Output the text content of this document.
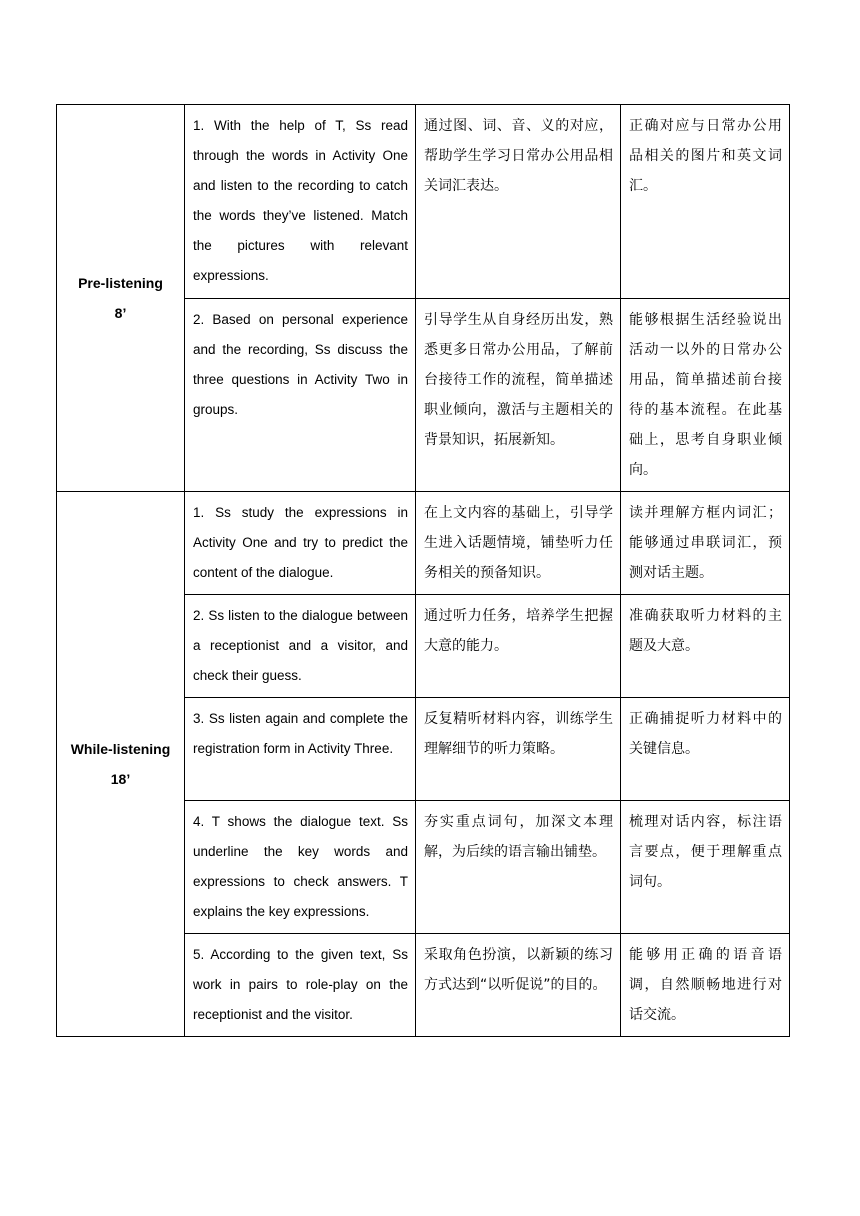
Pre-listening
8’	1. With the help of T, Ss read through the words in Activity One and listen to the recording to catch the words they’ve listened. Match the pictures with relevant expressions.	通过图、词、音、义的对应，帮助学生学习日常办公用品相关词汇表达。	正确对应与日常办公用品相关的图片和英文词汇。
	2. Based on personal experience and the recording, Ss discuss the three questions in Activity Two in groups.	引导学生从自身经历出发，熟悉更多日常办公用品，了解前台接待工作的流程，简单描述职业倾向，激活与主题相关的背景知识，拓展新知。	能够根据生活经验说出活动一以外的日常办公用品，简单描述前台接待的基本流程。在此基础上，思考自身职业倾向。

While-listening
18’	1. Ss study the expressions in Activity One and try to predict the content of the dialogue.	在上文内容的基础上，引导学生进入话题情境，铺垫听力任务相关的预备知识。	读并理解方框内词汇；能够通过串联词汇，预测对话主题。
	2. Ss listen to the dialogue between a receptionist and a visitor, and check their guess.	通过听力任务，培养学生把握大意的能力。	准确获取听力材料的主题及大意。
	3. Ss listen again and complete the registration form in Activity Three.	反复精听材料内容，训练学生理解细节的听力策略。	正确捕捉听力材料中的关键信息。
	4. T shows the dialogue text. Ss underline the key words and expressions to check answers. T explains the key expressions.	夯实重点词句，加深文本理解，为后续的语言输出铺垫。	梳理对话内容，标注语言要点，便于理解重点词句。
	5. According to the given text, Ss work in pairs to role-play on the receptionist and the visitor.	采取角色扮演，以新颖的练习方式达到“以听促说”的目的。	能够用正确的语音语调，自然顺畅地进行对话交流。
